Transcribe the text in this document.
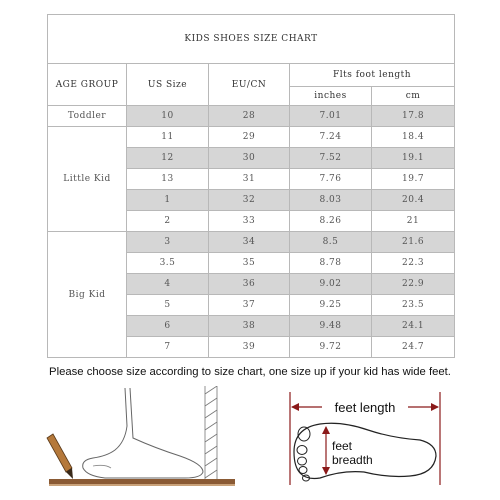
KIDS SHOES SIZE CHART				
AGE GROUP	US Size	EU/CN	Flts foot length	
			inches	cm
Toddler	10	28	7.01	17.8
Little Kid	11	29	7.24	18.4
	12	30	7.52	19.1
	13	31	7.76	19.7
	1	32	8.03	20.4
	2	33	8.26	21
Big Kid	3	34	8.5	21.6
	3.5	35	8.78	22.3
	4	36	9.02	22.9
	5	37	9.25	23.5
	6	38	9.48	24.1
	7	39	9.72	24.7
Please choose size according to size chart, one size up if your kid has wide feet.
feet length
feet
breadth
